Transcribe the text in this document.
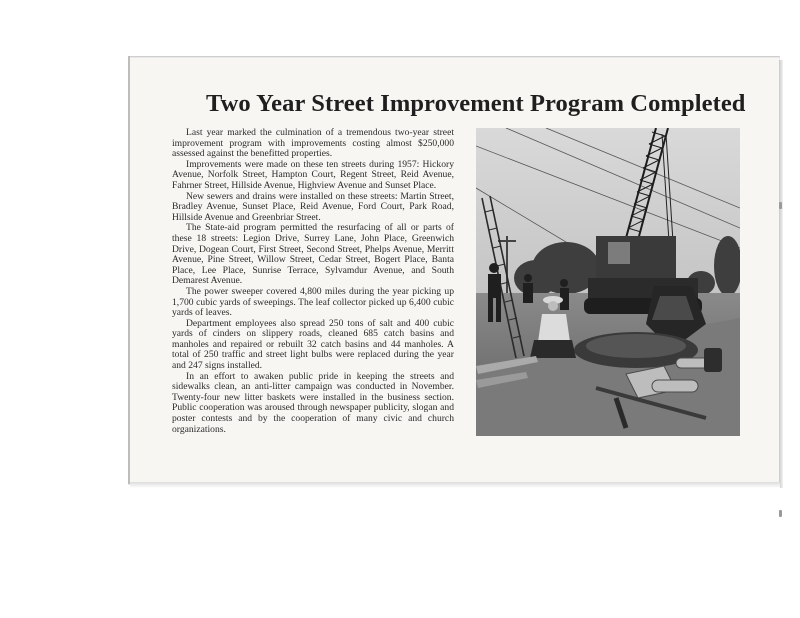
Two Year Street Improvement Program Completed

Last year marked the culmination of a tremendous two-year street improvement program with improvements costing almost $250,000 assessed against the benefitted properties.

Improvements were made on these ten streets during 1957: Hickory Avenue, Norfolk Street, Hampton Court, Regent Street, Reid Avenue, Fahrner Street, Hillside Avenue, Highview Avenue and Sunset Place.

New sewers and drains were installed on these streets: Martin Street, Bradley Avenue, Sunset Place, Reid Avenue, Ford Court, Park Road, Hillside Avenue and Greenbriar Street.

The State-aid program permitted the resurfacing of all or parts of these 18 streets: Legion Drive, Surrey Lane, John Place, Greenwich Drive, Dogean Court, First Street, Second Street, Phelps Avenue, Merritt Avenue, Pine Street, Willow Street, Cedar Street, Bogert Place, Banta Place, Lee Place, Sunrise Terrace, Sylvamdur Avenue, and South Demarest Avenue.

The power sweeper covered 4,800 miles during the year picking up 1,700 cubic yards of sweepings. The leaf collector picked up 6,400 cubic yards of leaves.

Department employees also spread 250 tons of salt and 400 cubic yards of cinders on slippery roads, cleaned 685 catch basins and manholes and repaired or rebuilt 32 catch basins and 44 manholes. A total of 250 traffic and street light bulbs were replaced during the year and 247 signs installed.

In an effort to awaken public pride in keeping the streets and sidewalks clean, an anti-litter campaign was conducted in November. Twenty-four new litter baskets were installed in the business section. Public cooperation was aroused through newspaper publicity, slogan and poster contests and by the cooperation of many civic and church organizations.
